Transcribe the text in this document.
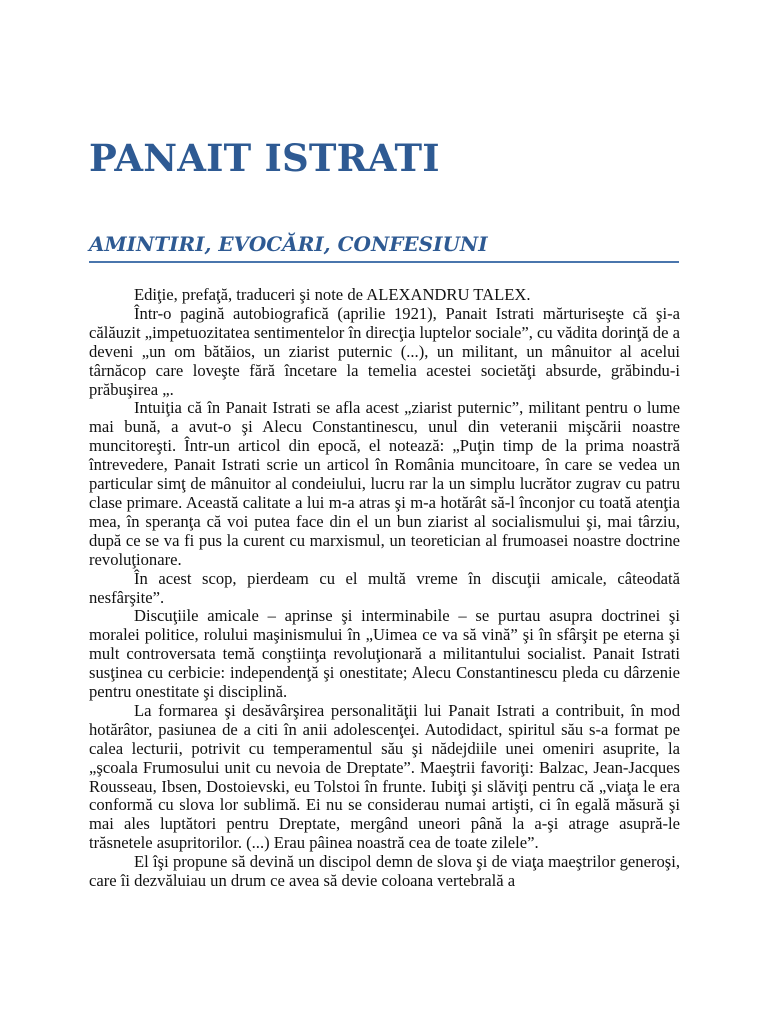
PANAIT ISTRATI
AMINTIRI, EVOCĂRI, CONFESIUNI

Ediţie, prefaţă, traduceri şi note de ALEXANDRU TALEX.

Într-o pagină autobiografică (aprilie 1921), Panait Istrati mărturiseşte că şi-a călăuzit „impetuozitatea sentimentelor în direcţia luptelor sociale”, cu vădita dorinţă de a deveni „un om bătăios, un ziarist puternic (...), un militant, un mânuitor al acelui târnăcop care loveşte fără încetare la temelia acestei societăţi absurde, grăbindu-i prăbuşirea „.

Intuiţia că în Panait Istrati se afla acest „ziarist puternic”, militant pentru o lume mai bună, a avut-o şi Alecu Constantinescu, unul din veteranii mişcării noastre muncitoreşti. Într-un articol din epocă, el notează: „Puţin timp de la prima noastră întrevedere, Panait Istrati scrie un articol în România muncitoare, în care se vedea un particular simţ de mânuitor al condeiului, lucru rar la un simplu lucrător zugrav cu patru clase primare. Această calitate a lui m-a atras şi m-a hotărât să-l înconjor cu toată atenţia mea, în speranţa că voi putea face din el un bun ziarist al socialismului şi, mai târziu, după ce se va fi pus la curent cu marxismul, un teoretician al frumoasei noastre doctrine revoluţionare.

În acest scop, pierdeam cu el multă vreme în discuţii amicale, câteodată nesfârşite”.

Discuţiile amicale – aprinse şi interminabile – se purtau asupra doctrinei şi moralei politice, rolului maşinismului în „Uimea ce va să vină” şi în sfârşit pe eterna şi mult controversata temă conştiinţa revoluţionară a militantului socialist. Panait Istrati susţinea cu cerbicie: independenţă şi onestitate; Alecu Constantinescu pleda cu dârzenie pentru onestitate şi disciplină.

La formarea şi desăvârşirea personalităţii lui Panait Istrati a contribuit, în mod hotărâtor, pasiunea de a citi în anii adolescenţei. Autodidact, spiritul său s-a format pe calea lecturii, potrivit cu temperamentul său şi nădejdiile unei omeniri asuprite, la „şcoala Frumosului unit cu nevoia de Dreptate”. Maeştrii favoriţi: Balzac, Jean-Jacques Rousseau, Ibsen, Dostoievski, eu Tolstoi în frunte. Iubiţi şi slăviţi pentru că „viaţa le era conformă cu slova lor sublimă. Ei nu se considerau numai artişti, ci în egală măsură şi mai ales luptători pentru Dreptate, mergând uneori până la a-şi atrage asupră-le trăsnetele asupritorilor. (...) Erau pâinea noastră cea de toate zilele”.

El îşi propune să devină un discipol demn de slova şi de viaţa maeştrilor generoşi, care îi dezvăluiau un drum ce avea să devie coloana vertebrală a
